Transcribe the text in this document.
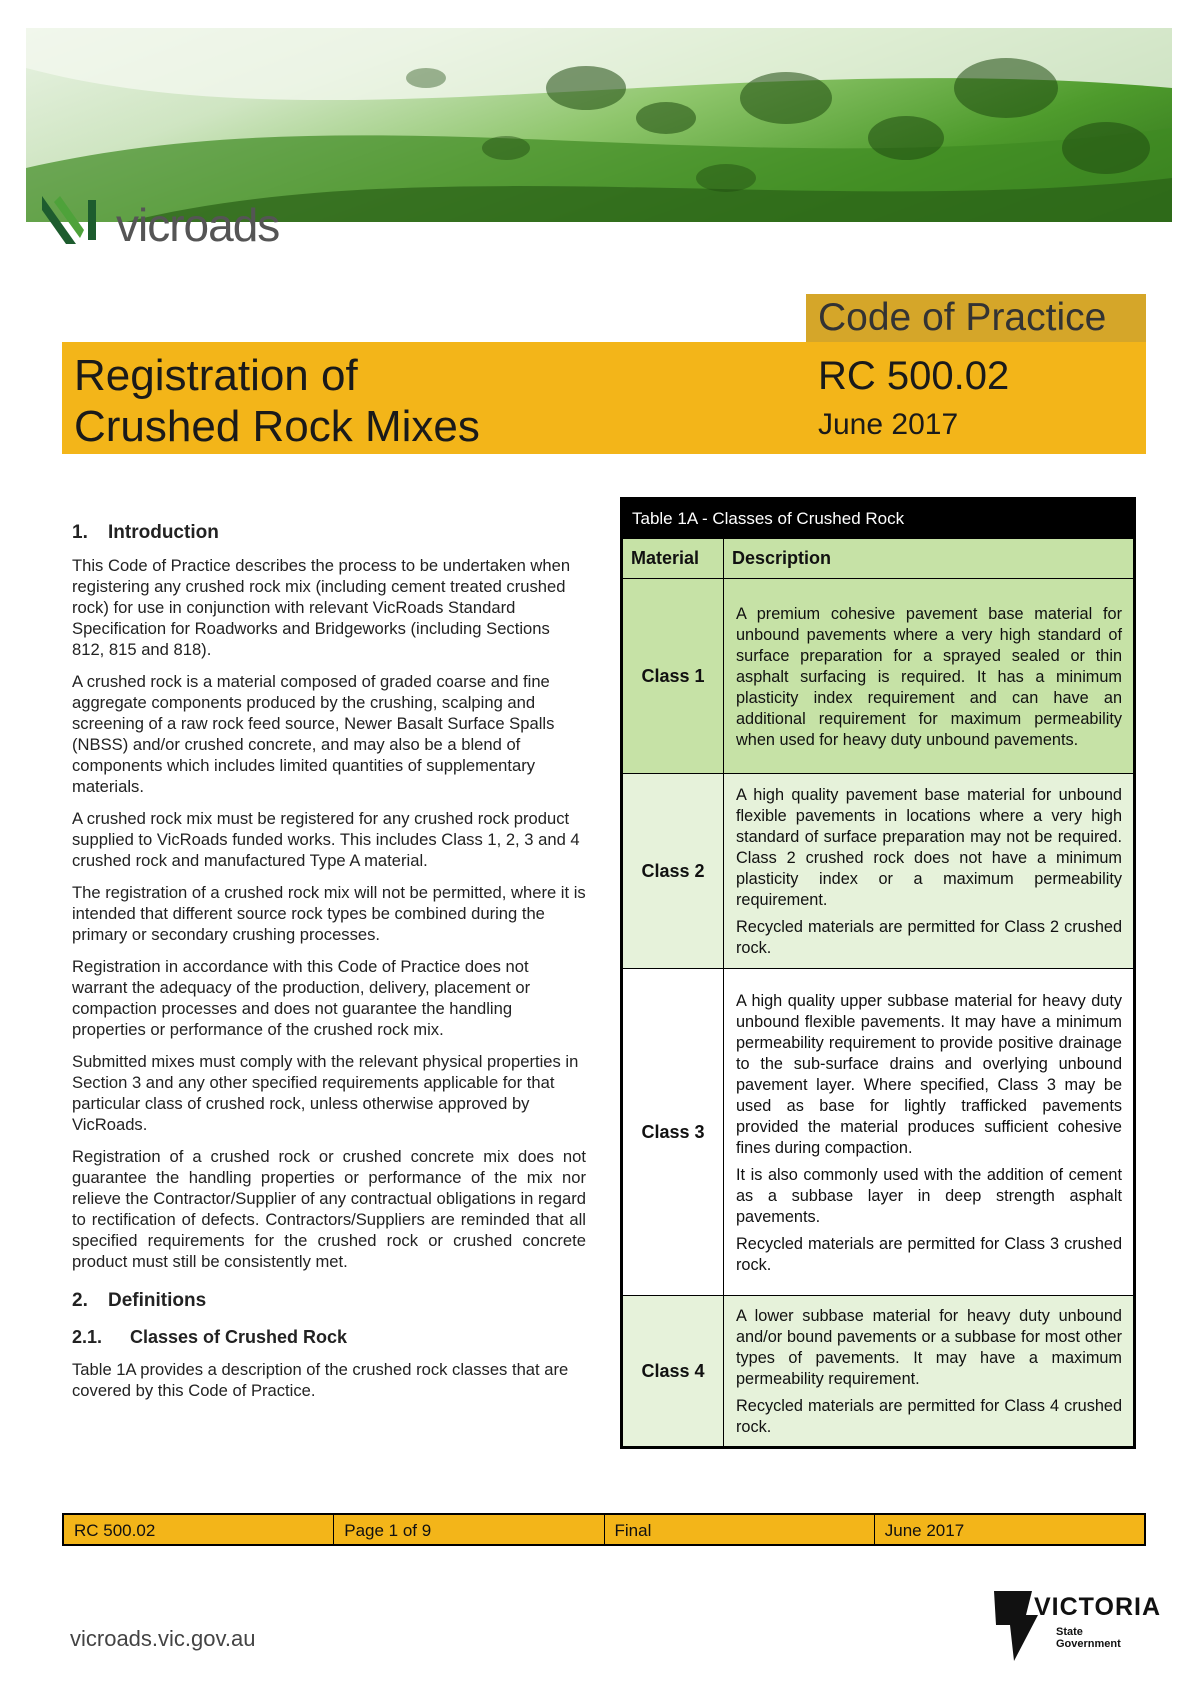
vicroads
Code of Practice
Registration of
Crushed Rock Mixes
RC 500.02
June 2017
1. Introduction

This Code of Practice describes the process to be undertaken when registering any crushed rock mix (including cement treated crushed rock) for use in conjunction with relevant VicRoads Standard Specification for Roadworks and Bridgeworks (including Sections 812, 815 and 818).

A crushed rock is a material composed of graded coarse and fine aggregate components produced by the crushing, scalping and screening of a raw rock feed source, Newer Basalt Surface Spalls (NBSS) and/or crushed concrete, and may also be a blend of components which includes limited quantities of supplementary materials.

A crushed rock mix must be registered for any crushed rock product supplied to VicRoads funded works. This includes Class 1, 2, 3 and 4 crushed rock and manufactured Type A material.

The registration of a crushed rock mix will not be permitted, where it is intended that different source rock types be combined during the primary or secondary crushing processes.

Registration in accordance with this Code of Practice does not warrant the adequacy of the production, delivery, placement or compaction processes and does not guarantee the handling properties or performance of the crushed rock mix.

Submitted mixes must comply with the relevant physical properties in Section 3 and any other specified requirements applicable for that particular class of crushed rock, unless otherwise approved by VicRoads.

Registration of a crushed rock or crushed concrete mix does not guarantee the handling properties or performance of the mix nor relieve the Contractor/Supplier of any contractual obligations in regard to rectification of defects. Contractors/Suppliers are reminded that all specified requirements for the crushed rock or crushed concrete product must still be consistently met.

2. Definitions
2.1. Classes of Crushed Rock

Table 1A provides a description of the crushed rock classes that are covered by this Code of Practice.

Table 1A - Classes of Crushed Rock
Material	Description
Class 1	A premium cohesive pavement base material for unbound pavements where a very high standard of surface preparation for a sprayed sealed or thin asphalt surfacing is required. It has a minimum plasticity index requirement and can have an additional requirement for maximum permeability when used for heavy duty unbound pavements.

Class 2	A high quality pavement base material for unbound flexible pavements in locations where a very high standard of surface preparation may not be required. Class 2 crushed rock does not have a minimum plasticity index or a maximum permeability requirement.

Recycled materials are permitted for Class 2 crushed rock.

Class 3	A high quality upper subbase material for heavy duty unbound flexible pavements. It may have a minimum permeability requirement to provide positive drainage to the sub-surface drains and overlying unbound pavement layer. Where specified, Class 3 may be used as base for lightly trafficked pavements provided the material produces sufficient cohesive fines during compaction.

It is also commonly used with the addition of cement as a subbase layer in deep strength asphalt pavements.

Recycled materials are permitted for Class 3 crushed rock.

Class 4	A lower subbase material for heavy duty unbound and/or bound pavements or a subbase for most other types of pavements. It may have a maximum permeability requirement.

Recycled materials are permitted for Class 4 crushed rock.

RC 500.02	Page 1 of 9	Final	June 2017
vicroads.vic.gov.au
VICTORIA
State
Government
